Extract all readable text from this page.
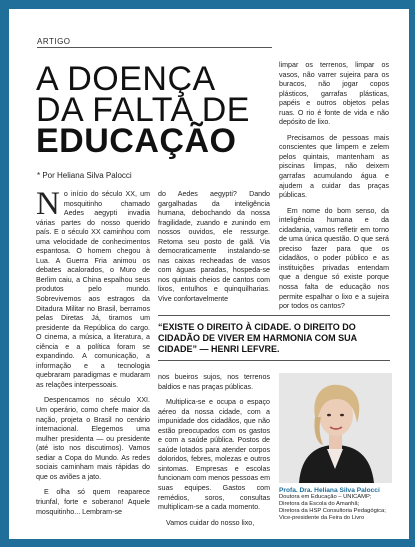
ARTIGO
A DOENÇA
DA FALTA DE
EDUCAÇÃO
* Por Heliana Silva Palocci

No início do século XX, um mosquitinho chamado Aedes aegypti invadia várias partes do nosso querido país. E o século XX caminhou com uma velocidade de conhecimentos espantosa. O homem chegou à Lua. A Guerra Fria animou os debates acalorados, o Muro de Berlim caiu, a China espalhou seus produtos pelo mundo. Sobrevivemos aos estragos da Ditadura Militar no Brasil, berramos pelas Diretas Já, tiramos um presidente da República do cargo. O cinema, a música, a literatura, a ciência e a política foram se expandindo. A comunicação, a informação e a tecnologia quebraram paradigmas e mudaram as relações interpessoais.

Despencamos no século XXI. Um operário, como chefe maior da nação, projeta o Brasil no cenário internacional. Elegemos uma mulher presidenta — ou presidente (até isto nos discutimos). Vamos sediar a Copa do Mundo. As redes sociais caminham mais rápidas do que os aviões a jato.

E olha só quem reaparece triunfal, forte e soberano! Aquele mosquitinho... Lembram-se

do Aedes aegypti? Dando gargalhadas da inteligência humana, debochando da nossa fragilidade, zuando e zunindo em nossos ouvidos, ele ressurge. Retoma seu posto de galã. Via democraticamente instalando-se nas caixas recheadas de vasos com águas paradas, hospeda-se nos quintais cheios de cantos com lixos, entulhos e quinquilharias. Vive confortavelmente

limpar os terrenos, limpar os vasos, não varrer sujeira para os buracos, não jogar copos plásticos, garrafas plásticas, papéis e outros objetos pelas ruas. O rio é fonte de vida e não depósito de lixo.

Precisamos de pessoas mais conscientes que limpem e zelem pelos quintais, mantenham as piscinas limpas, não deixem garrafas acumulando água e ajudem a cuidar das praças públicas.

Em nome do bom senso, da inteligência humana e da cidadania, vamos refletir em torno de uma única questão. O que será preciso fazer para que os cidadãos, o poder público e as instituições privadas entendam que a dengue só existe porque nossa falta de educação nos permite espalhar o lixo e a sujeira por todos os cantos?

“EXISTE O DIREITO À CIDADE. O DIREITO DO CIDADÃO DE VIVER EM HARMONIA COM SUA CIDADE” — HENRI LEFVRE.

nos bueiros sujos, nos terrenos baldios e nas praças públicas.

Multiplica-se e ocupa o espaço aéreo da nossa cidade, com a impunidade dos cidadãos, que não estão preocupados com os gastos e com a saúde pública. Postos de saúde lotados para atender corpos doloridos, febres, molezas e outros sintomas. Empresas e escolas funcionam com menos pessoas em suas equipes. Gastos com remédios, soros, consultas multiplicam-se a cada momento.

Vamos cuidar do nosso lixo,

Profa. Dra. Heliana Silva Palocci
Doutora em Educação – UNICAMP;
Diretora da Escola do Amanhã;
Diretora da HSP Consultoria Pedagógica;
Vice-presidente da Feira do Livro
